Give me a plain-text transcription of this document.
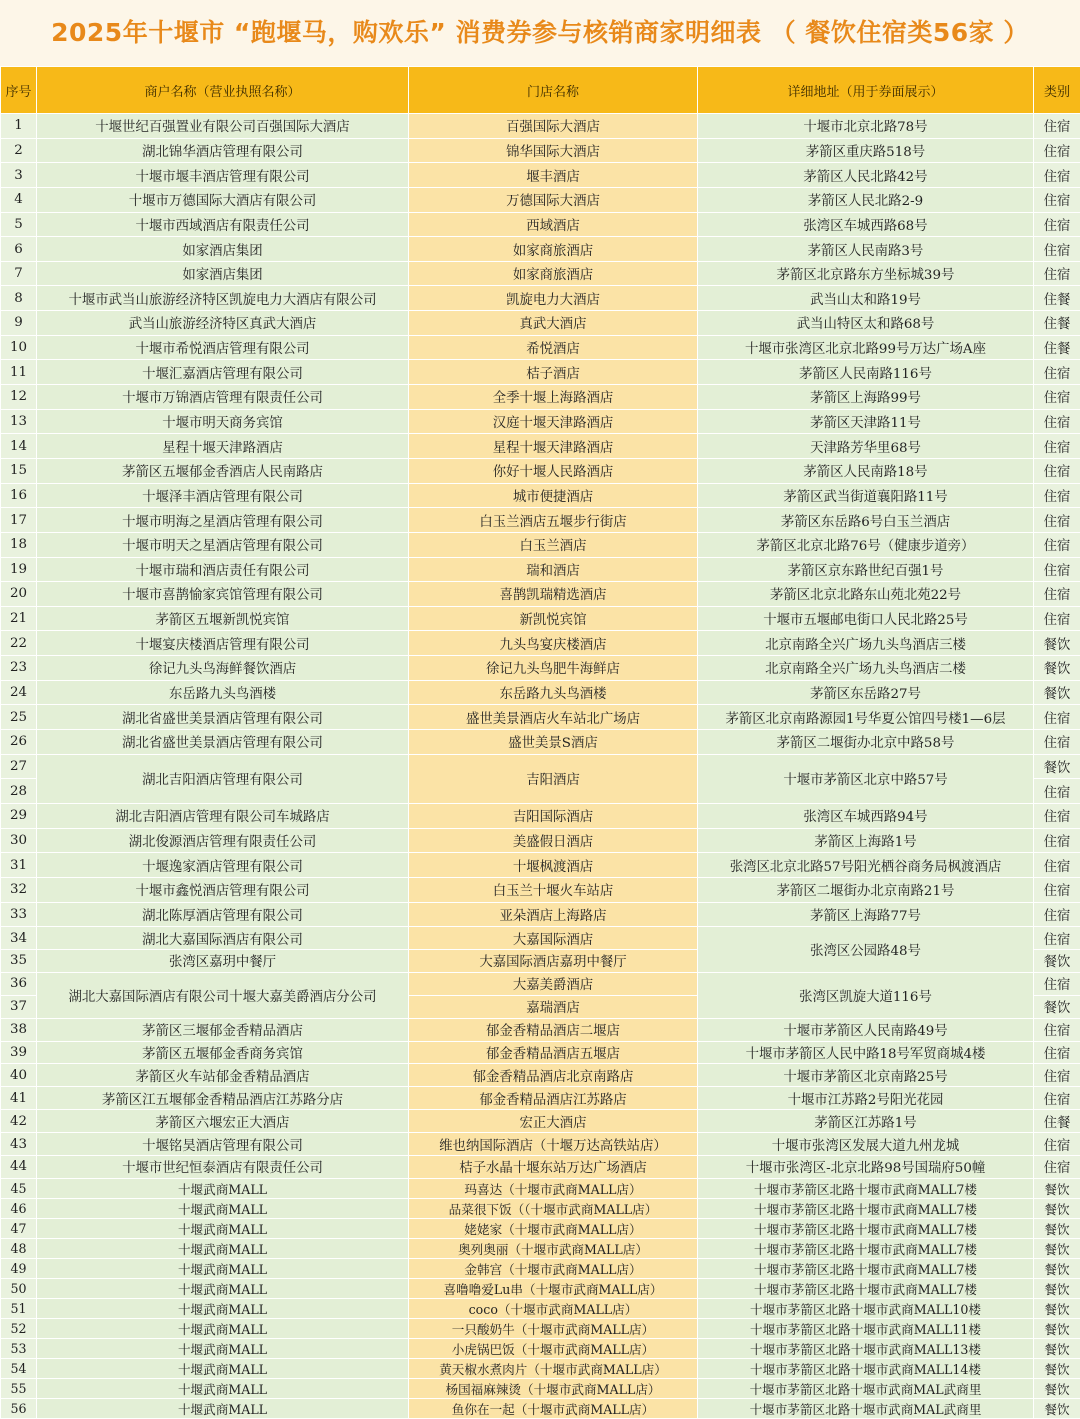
2025年十堰市 “跑堰马，购欢乐” 消费券参与核销商家明细表 （ 餐饮住宿类56家 ）
序号	商户名称（营业执照名称）	门店名称	详细地址（用于券面展示）	类别
1	十堰世纪百强置业有限公司百强国际大酒店	百强国际大酒店	十堰市北京北路78号	住宿
2	湖北锦华酒店管理有限公司	锦华国际大酒店	茅箭区重庆路518号	住宿
3	十堰市堰丰酒店管理有限公司	堰丰酒店	茅箭区人民北路42号	住宿
4	十堰市万德国际大酒店有限公司	万德国际大酒店	茅箭区人民北路2-9	住宿
5	十堰市西域酒店有限责任公司	西域酒店	张湾区车城西路68号	住宿
6	如家酒店集团	如家商旅酒店	茅箭区人民南路3号	住宿
7	如家酒店集团	如家商旅酒店	茅箭区北京路东方坐标城39号	住宿
8	十堰市武当山旅游经济特区凯旋电力大酒店有限公司	凯旋电力大酒店	武当山太和路19号	住餐
9	武当山旅游经济特区真武大酒店	真武大酒店	武当山特区太和路68号	住餐
10	十堰市希悦酒店管理有限公司	希悦酒店	十堰市张湾区北京北路99号万达广场A座	住餐
11	十堰汇嘉酒店管理有限公司	桔子酒店	茅箭区人民南路116号	住宿
12	十堰市万锦酒店管理有限责任公司	全季十堰上海路酒店	茅箭区上海路99号	住宿
13	十堰市明天商务宾馆	汉庭十堰天津路酒店	茅箭区天津路11号	住宿
14	星程十堰天津路酒店	星程十堰天津路酒店	天津路芳华里68号	住宿
15	茅箭区五堰郁金香酒店人民南路店	你好十堰人民路酒店	茅箭区人民南路18号	住宿
16	十堰泽丰酒店管理有限公司	城市便捷酒店	茅箭区武当街道襄阳路11号	住宿
17	十堰市明海之星酒店管理有限公司	白玉兰酒店五堰步行街店	茅箭区东岳路6号白玉兰酒店	住宿
18	十堰市明天之星酒店管理有限公司	白玉兰酒店	茅箭区北京北路76号（健康步道旁）	住宿
19	十堰市瑞和酒店责任有限公司	瑞和酒店	茅箭区京东路世纪百强1号	住宿
20	十堰市喜鹊愉家宾馆管理有限公司	喜鹊凯瑞精选酒店	茅箭区北京北路东山苑北苑22号	住宿
21	茅箭区五堰新凯悦宾馆	新凯悦宾馆	十堰市五堰邮电街口人民北路25号	住宿
22	十堰宴庆楼酒店管理有限公司	九头鸟宴庆楼酒店	北京南路全兴广场九头鸟酒店三楼	餐饮
23	徐记九头鸟海鲜餐饮酒店	徐记九头鸟肥牛海鲜店	北京南路全兴广场九头鸟酒店二楼	餐饮
24	东岳路九头鸟酒楼	东岳路九头鸟酒楼	茅箭区东岳路27号	餐饮
25	湖北省盛世美景酒店管理有限公司	盛世美景酒店火车站北广场店	茅箭区北京南路源园1号华夏公馆四号楼1—6层	住宿
26	湖北省盛世美景酒店管理有限公司	盛世美景S酒店	茅箭区二堰街办北京中路58号	住宿
27	湖北吉阳酒店管理有限公司	吉阳酒店	十堰市茅箭区北京中路57号	餐饮
28				住宿
29	湖北吉阳酒店管理有限公司车城路店	吉阳国际酒店	张湾区车城西路94号	住宿
30	湖北俊源酒店管理有限责任公司	美盛假日酒店	茅箭区上海路1号	住宿
31	十堰逸家酒店管理有限公司	十堰枫渡酒店	张湾区北京北路57号阳光栖谷商务局枫渡酒店	住宿
32	十堰市鑫悦酒店管理有限公司	白玉兰十堰火车站店	茅箭区二堰街办北京南路21号	住宿
33	湖北陈厚酒店管理有限公司	亚朵酒店上海路店	茅箭区上海路77号	住宿
34	湖北大嘉国际酒店有限公司	大嘉国际酒店	张湾区公园路48号	住宿
35	张湾区嘉玥中餐厅	大嘉国际酒店嘉玥中餐厅		餐饮
36	湖北大嘉国际酒店有限公司十堰大嘉美爵酒店分公司	大嘉美爵酒店	张湾区凯旋大道116号	住宿
37		嘉瑞酒店		餐饮
38	茅箭区三堰郁金香精品酒店	郁金香精品酒店二堰店	十堰市茅箭区人民南路49号	住宿
39	茅箭区五堰郁金香商务宾馆	郁金香精品酒店五堰店	十堰市茅箭区人民中路18号军贸商城4楼	住宿
40	茅箭区火车站郁金香精品酒店	郁金香精品酒店北京南路店	十堰市茅箭区北京南路25号	住宿
41	茅箭区江五堰郁金香精品酒店江苏路分店	郁金香精品酒店江苏路店	十堰市江苏路2号阳光花园	住宿
42	茅箭区六堰宏正大酒店	宏正大酒店	茅箭区江苏路1号	住餐
43	十堰铭昊酒店管理有限公司	维也纳国际酒店（十堰万达高铁站店）	十堰市张湾区发展大道九州龙城	住宿
44	十堰市世纪恒泰酒店有限责任公司	桔子水晶十堰东站万达广场酒店	十堰市张湾区-北京北路98号国瑞府50幢	住宿
45	十堰武商MALL	玛喜达（十堰市武商MALL店）	十堰市茅箭区北路十堰市武商MALL7楼	餐饮
46	十堰武商MALL	品菜很下饭（（十堰市武商MALL店）	十堰市茅箭区北路十堰市武商MALL7楼	餐饮
47	十堰武商MALL	姥姥家（十堰市武商MALL店）	十堰市茅箭区北路十堰市武商MALL7楼	餐饮
48	十堰武商MALL	奥列奥丽（十堰市武商MALL店）	十堰市茅箭区北路十堰市武商MALL7楼	餐饮
49	十堰武商MALL	金韩宫（十堰市武商MALL店）	十堰市茅箭区北路十堰市武商MALL7楼	餐饮
50	十堰武商MALL	喜噜噜爱Lu串（十堰市武商MALL店）	十堰市茅箭区北路十堰市武商MALL7楼	餐饮
51	十堰武商MALL	coco（十堰市武商MALL店）	十堰市茅箭区北路十堰市武商MALL10楼	餐饮
52	十堰武商MALL	一只酸奶牛（十堰市武商MALL店）	十堰市茅箭区北路十堰市武商MALL11楼	餐饮
53	十堰武商MALL	小虎锅巴饭（十堰市武商MALL店）	十堰市茅箭区北路十堰市武商MALL13楼	餐饮
54	十堰武商MALL	黄天椒水煮肉片（十堰市武商MALL店）	十堰市茅箭区北路十堰市武商MALL14楼	餐饮
55	十堰武商MALL	杨国福麻辣烫（十堰市武商MALL店）	十堰市茅箭区北路十堰市武商MAL武商里	餐饮
56	十堰武商MALL	鱼你在一起（十堰市武商MALL店）	十堰市茅箭区北路十堰市武商MAL武商里	餐饮
